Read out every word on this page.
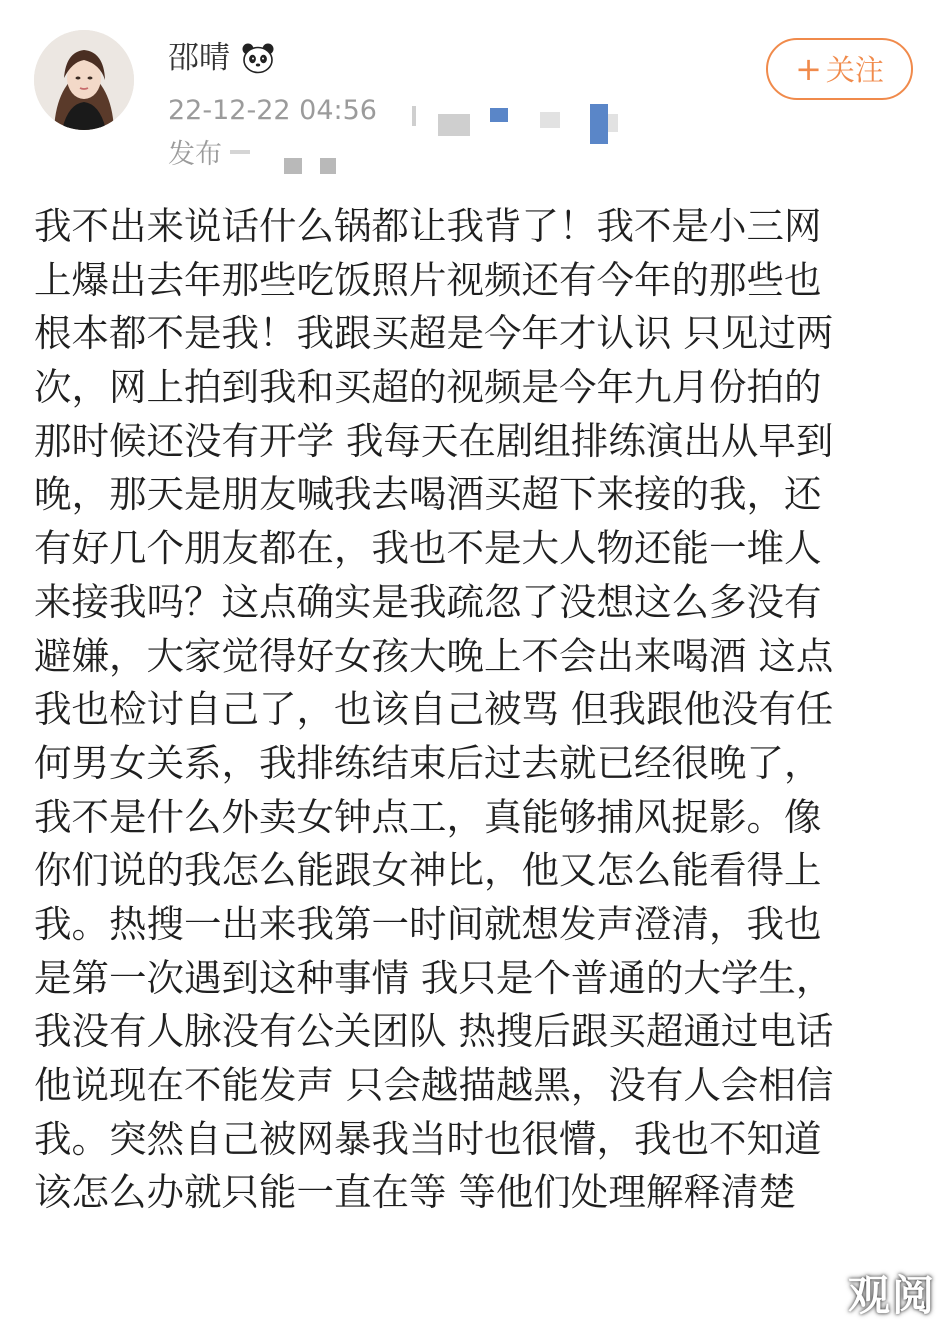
邵晴
22-12-22 04:56
发布
+ 关注
我不出来说话什么锅都让我背了！我不是小三网
上爆出去年那些吃饭照片视频还有今年的那些也
根本都不是我！我跟买超是今年才认识 只见过两
次，网上拍到我和买超的视频是今年九月份拍的
那时候还没有开学 我每天在剧组排练演出从早到
晚，那天是朋友喊我去喝酒买超下来接的我，还
有好几个朋友都在，我也不是大人物还能一堆人
来接我吗？这点确实是我疏忽了没想这么多没有
避嫌，大家觉得好女孩大晚上不会出来喝酒 这点
我也检讨自己了，也该自己被骂 但我跟他没有任
何男女关系，我排练结束后过去就已经很晚了，
我不是什么外卖女钟点工，真能够捕风捉影。像
你们说的我怎么能跟女神比，他又怎么能看得上
我。热搜一出来我第一时间就想发声澄清，我也
是第一次遇到这种事情 我只是个普通的大学生，
我没有人脉没有公关团队 热搜后跟买超通过电话
他说现在不能发声 只会越描越黑，没有人会相信
我。突然自己被网暴我当时也很懵，我也不知道
该怎么办就只能一直在等 等他们处理解释清楚
观阅
